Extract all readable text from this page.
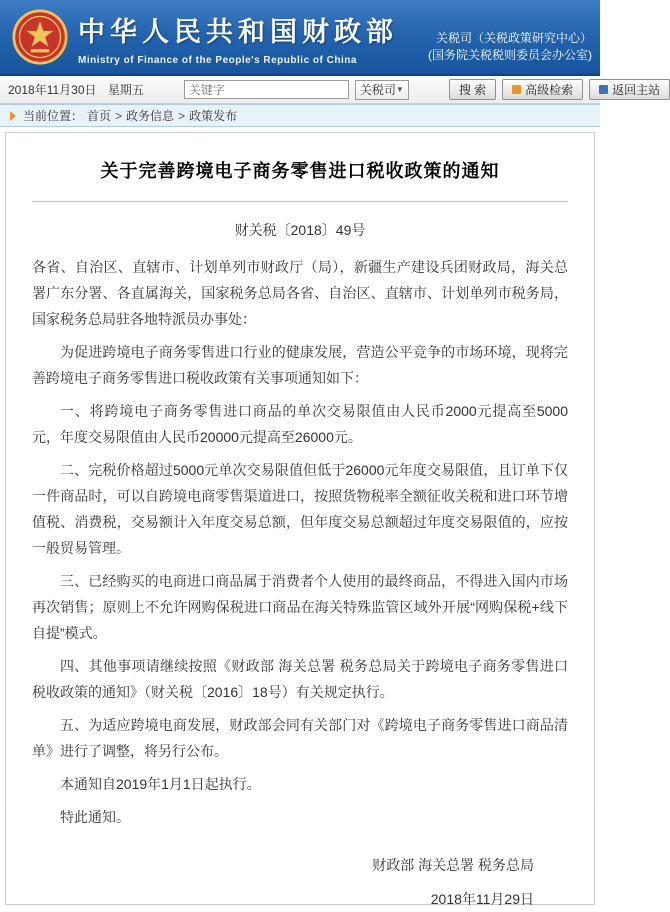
中华人民共和国财政部
Ministry of Finance of the People's Republic of China
关税司（关税政策研究中心）
(国务院关税税则委员会办公室)
2018年11月30日 星期五
关键字	关税司 ▼	搜 索	高级检索	返回主站
当前位置： 首页 > 政务信息 > 政策发布
关于完善跨境电子商务零售进口税收政策的通知
财关税〔2018〕49号

各省、自治区、直辖市、计划单列市财政厅（局），新疆生产建设兵团财政局，海关总署广东分署、各直属海关，国家税务总局各省、自治区、直辖市、计划单列市税务局，国家税务总局驻各地特派员办事处：

为促进跨境电子商务零售进口行业的健康发展，营造公平竞争的市场环境，现将完善跨境电子商务零售进口税收政策有关事项通知如下：

一、将跨境电子商务零售进口商品的单次交易限值由人民币2000元提高至5000元，年度交易限值由人民币20000元提高至26000元。

二、完税价格超过5000元单次交易限值但低于26000元年度交易限值，且订单下仅一件商品时，可以自跨境电商零售渠道进口，按照货物税率全额征收关税和进口环节增值税、消费税，交易额计入年度交易总额，但年度交易总额超过年度交易限值的，应按一般贸易管理。

三、已经购买的电商进口商品属于消费者个人使用的最终商品，不得进入国内市场再次销售；原则上不允许网购保税进口商品在海关特殊监管区域外开展“网购保税+线下自提”模式。

四、其他事项请继续按照《财政部 海关总署 税务总局关于跨境电子商务零售进口税收政策的通知》（财关税〔2016〕18号）有关规定执行。

五、为适应跨境电商发展，财政部会同有关部门对《跨境电子商务零售进口商品清单》进行了调整，将另行公布。

本通知自2019年1月1日起执行。

特此通知。

财政部 海关总署 税务总局
2018年11月29日
